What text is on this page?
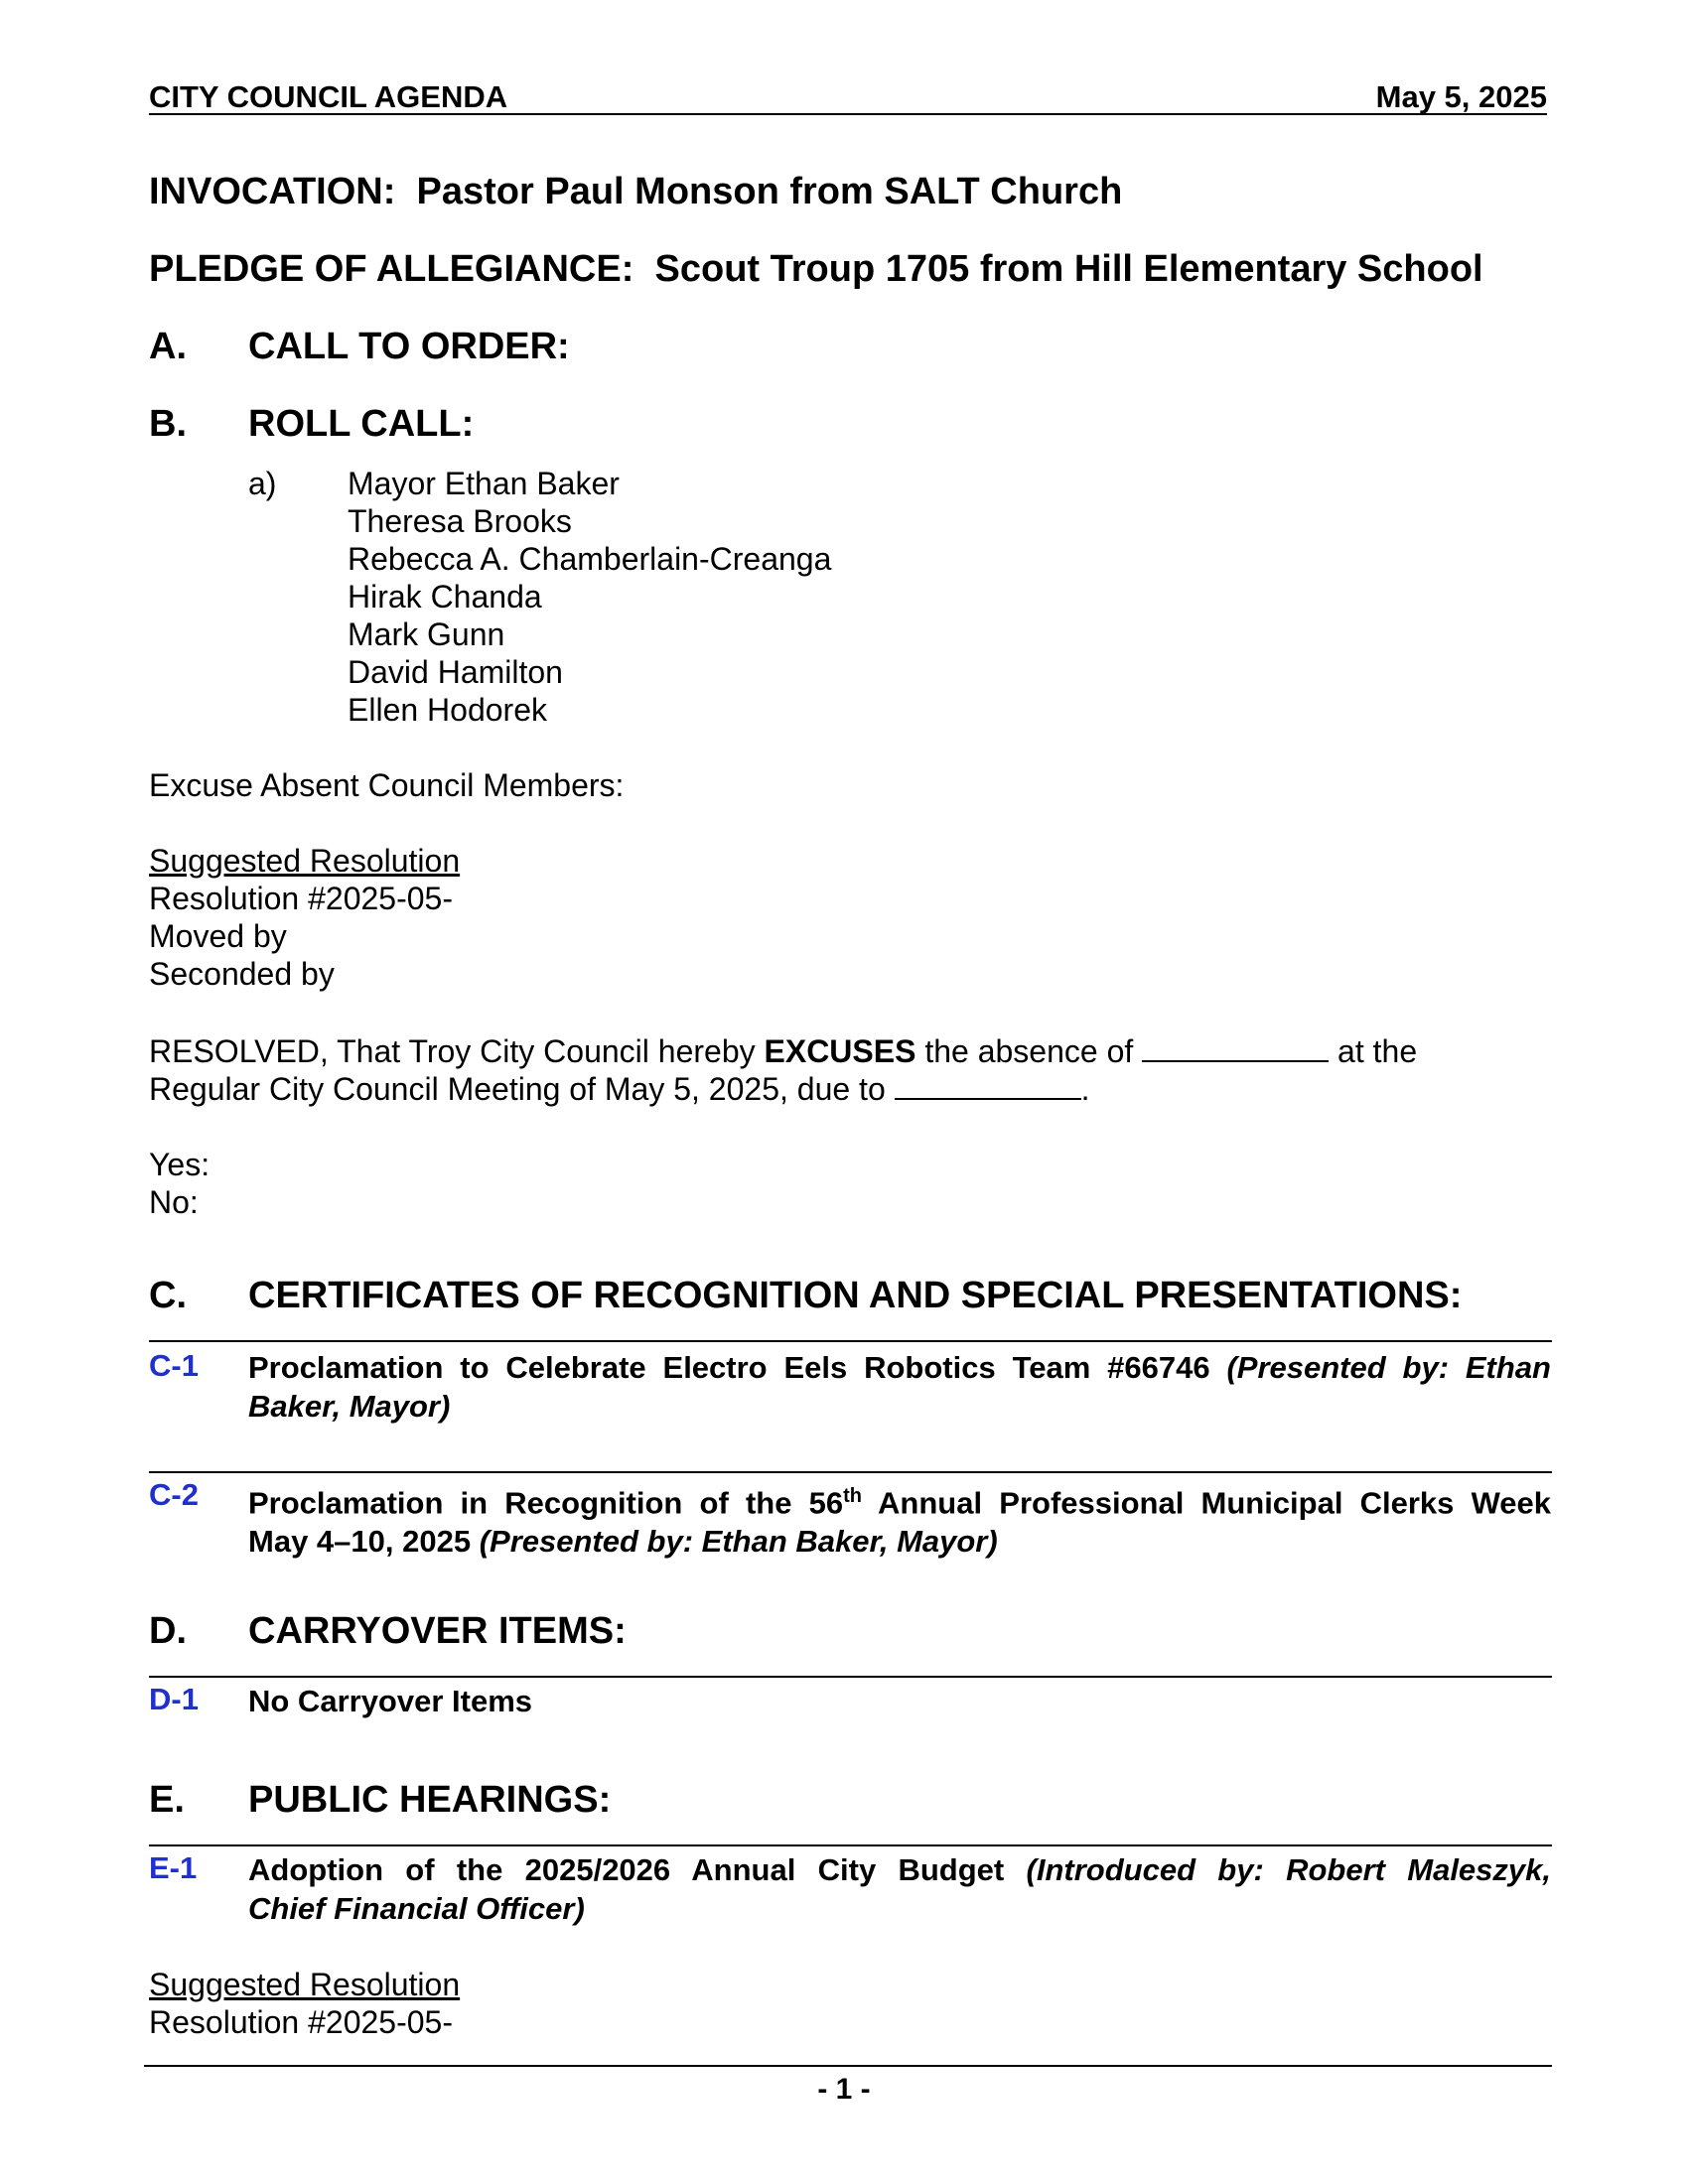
CITY COUNCIL AGENDA	May 5, 2025
INVOCATION: Pastor Paul Monson from SALT Church
PLEDGE OF ALLEGIANCE: Scout Troup 1705 from Hill Elementary School
A. CALL TO ORDER:
B. ROLL CALL:
a) Mayor Ethan Baker
Theresa Brooks
Rebecca A. Chamberlain-Creanga
Hirak Chanda
Mark Gunn
David Hamilton
Ellen Hodorek
Excuse Absent Council Members:
Suggested Resolution
Resolution #2025-05-
Moved by
Seconded by
RESOLVED, That Troy City Council hereby EXCUSES the absence of	at the
Regular City Council Meeting of May 5, 2025, due to	.
Yes:
No:
C. CERTIFICATES OF RECOGNITION AND SPECIAL PRESENTATIONS:
C-1 Proclamation to Celebrate Electro Eels Robotics Team #66746 (Presented by: Ethan
Baker, Mayor)
C-2 Proclamation in Recognition of the 56th Annual Professional Municipal Clerks Week
May 4–10, 2025 (Presented by: Ethan Baker, Mayor)
D. CARRYOVER ITEMS:
D-1 No Carryover Items
E. PUBLIC HEARINGS:
E-1 Adoption of the 2025/2026 Annual City Budget (Introduced by: Robert Maleszyk,
Chief Financial Officer)
Suggested Resolution
Resolution #2025-05-
- 1 -
